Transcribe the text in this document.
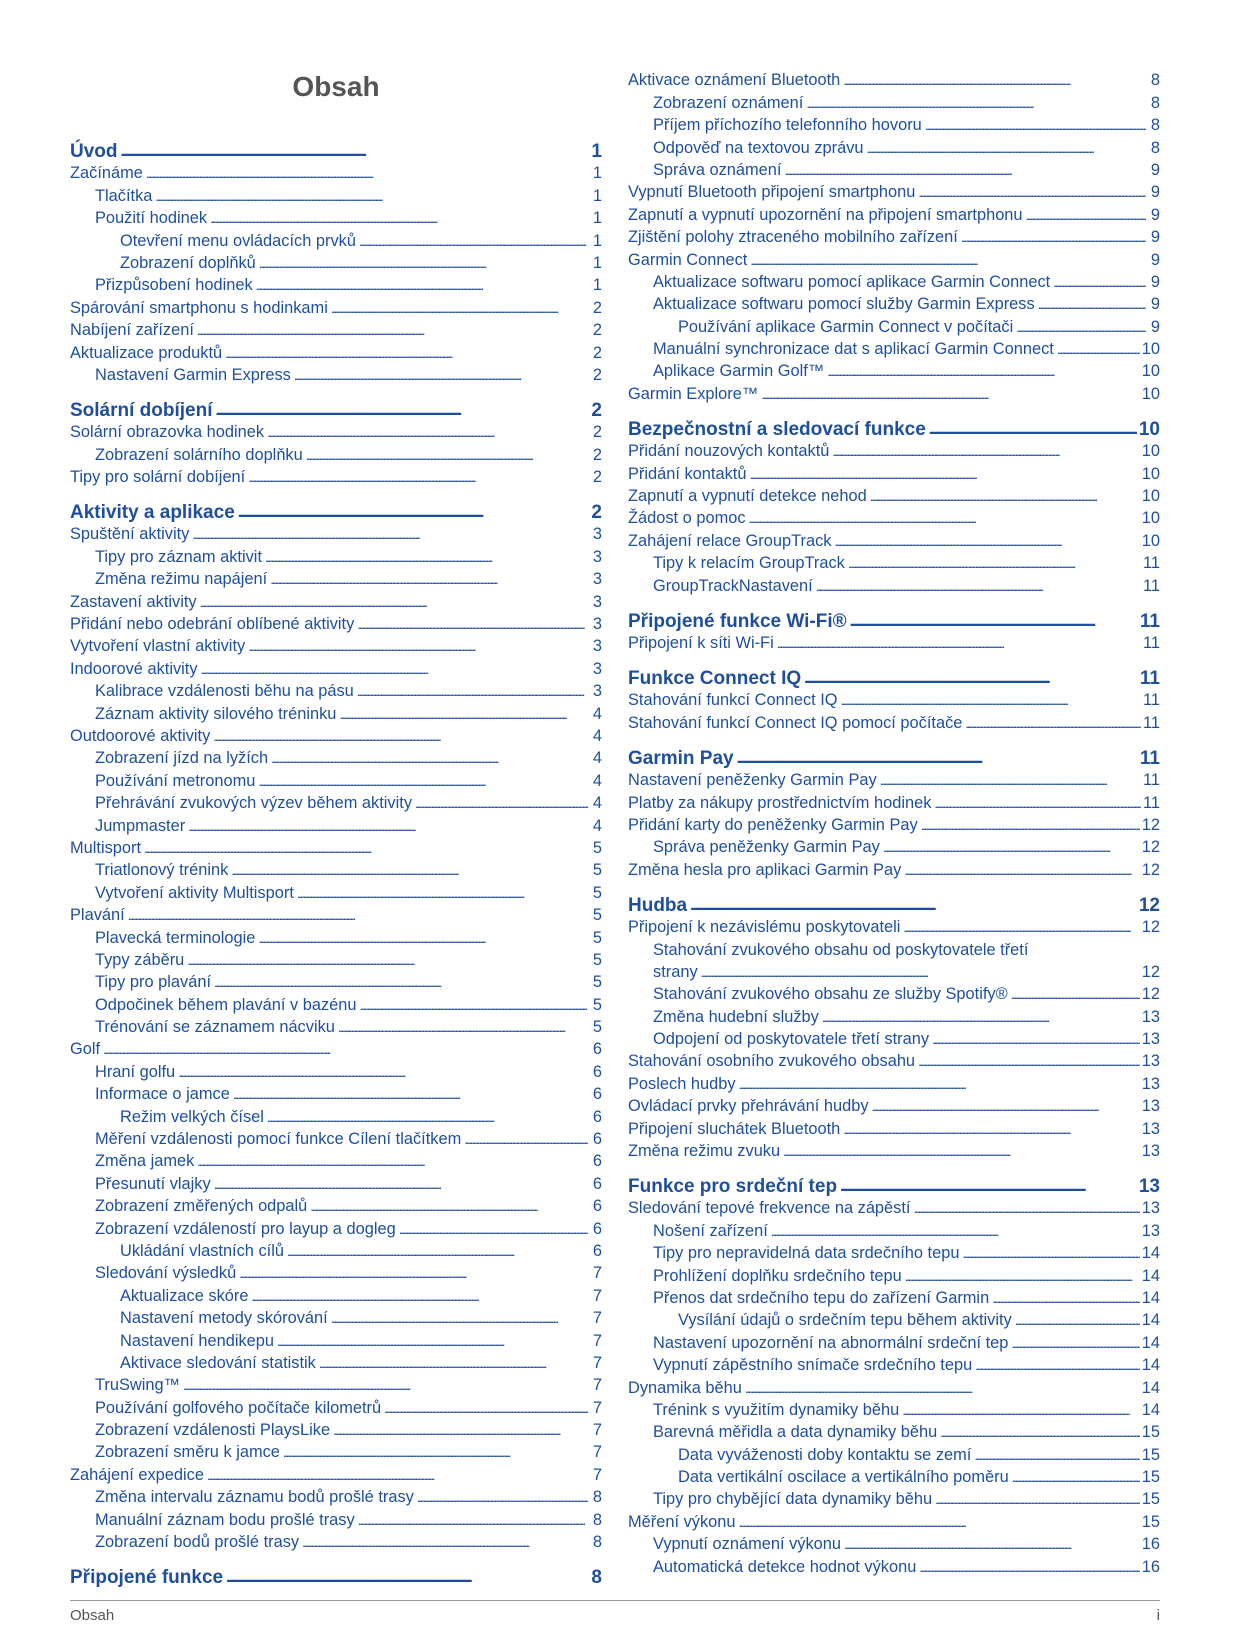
Obsah
Úvod . . .	1
Začínáme . . .	1
Tlačítka . . .	1
Použití hodinek . . .	1
Otevření menu ovládacích prvků . . .	1
Zobrazení doplňků . . .	1
Přizpůsobení hodinek . . .	1
Spárování smartphonu s hodinkami . . .	2
Nabíjení zařízení . . .	2
Aktualizace produktů . . .	2
Nastavení Garmin Express . . .	2
Solární dobíjení . . .	2
Solární obrazovka hodinek . . .	2
Zobrazení solárního doplňku . . .	2
Tipy pro solární dobíjení . . .	2
Aktivity a aplikace . . .	2
Spuštění aktivity . . .	3
Tipy pro záznam aktivit . . .	3
Změna režimu napájení . . .	3
Zastavení aktivity . . .	3
Přidání nebo odebrání oblíbené aktivity . . .	3
Vytvoření vlastní aktivity . . .	3
Indoorové aktivity . . .	3
Kalibrace vzdálenosti běhu na pásu . . .	3
Záznam aktivity silového tréninku . . .	4
Outdoorové aktivity . . .	4
Zobrazení jízd na lyžích . . .	4
Používání metronomu . . .	4
Přehrávání zvukových výzev během aktivity . . .	4
Jumpmaster . . .	4
Multisport . . .	5
Triatlonový trénink . . .	5
Vytvoření aktivity Multisport . . .	5
Plavání . . .	5
Plavecká terminologie . . .	5
Typy záběru . . .	5
Tipy pro plavání . . .	5
Odpočinek během plavání v bazénu . . .	5
Trénování se záznamem nácviku . . .	5
Golf . . .	6
Hraní golfu . . .	6
Informace o jamce . . .	6
Režim velkých čísel . . .	6
Měření vzdálenosti pomocí funkce Cílení tlačítkem . . .	6
Změna jamek . . .	6
Přesunutí vlajky . . .	6
Zobrazení změřených odpalů . . .	6
Zobrazení vzdáleností pro layup a dogleg . . .	6
Ukládání vlastních cílů . . .	6
Sledování výsledků . . .	7
Aktualizace skóre . . .	7
Nastavení metody skórování . . .	7
Nastavení hendikepu . . .	7
Aktivace sledování statistik . . .	7
TruSwing™ . . .	7
Používání golfového počítače kilometrů . . .	7
Zobrazení vzdálenosti PlaysLike . . .	7
Zobrazení směru k jamce . . .	7
Zahájení expedice . . .	7
Změna intervalu záznamu bodů prošlé trasy . . .	8
Manuální záznam bodu prošlé trasy . . .	8
Zobrazení bodů prošlé trasy . . .	8
Připojené funkce . . .	8
Aktivace oznámení Bluetooth . . .	8
Zobrazení oznámení . . .	8
Příjem příchozího telefonního hovoru . . .	8
Odpověď na textovou zprávu . . .	8
Správa oznámení . . .	9
Vypnutí Bluetooth připojení smartphonu . . .	9
Zapnutí a vypnutí upozornění na připojení smartphonu . . .	9
Zjištění polohy ztraceného mobilního zařízení . . .	9
Garmin Connect . . .	9
Aktualizace softwaru pomocí aplikace Garmin Connect . . .	9
Aktualizace softwaru pomocí služby Garmin Express . . .	9
Používání aplikace Garmin Connect v počítači . . .	9
Manuální synchronizace dat s aplikací Garmin Connect . . .	10
Aplikace Garmin Golf™ . . .	10
Garmin Explore™ . . .	10
Bezpečnostní a sledovací funkce . . .	10
Přidání nouzových kontaktů . . .	10
Přidání kontaktů . . .	10
Zapnutí a vypnutí detekce nehod . . .	10
Žádost o pomoc . . .	10
Zahájení relace GroupTrack . . .	10
Tipy k relacím GroupTrack . . .	11
GroupTrackNastavení . . .	11
Připojené funkce Wi‑Fi® . . .	11
Připojení k síti Wi‑Fi . . .	11
Funkce Connect IQ . . .	11
Stahování funkcí Connect IQ . . .	11
Stahování funkcí Connect IQ pomocí počítače . . .	11
Garmin Pay . . .	11
Nastavení peněženky Garmin Pay . . .	11
Platby za nákupy prostřednictvím hodinek . . .	11
Přidání karty do peněženky Garmin Pay . . .	12
Správa peněženky Garmin Pay . . .	12
Změna hesla pro aplikaci Garmin Pay . . .	12
Hudba . . .	12
Připojení k nezávislému poskytovateli . . .	12
Stahování zvukového obsahu od poskytovatele třetí
strany . . .	12
Stahování zvukového obsahu ze služby Spotify® . . .	12
Změna hudební služby . . .	13
Odpojení od poskytovatele třetí strany . . .	13
Stahování osobního zvukového obsahu . . .	13
Poslech hudby . . .	13
Ovládací prvky přehrávání hudby . . .	13
Připojení sluchátek Bluetooth . . .	13
Změna režimu zvuku . . .	13
Funkce pro srdeční tep . . .	13
Sledování tepové frekvence na zápěstí . . .	13
Nošení zařízení . . .	13
Tipy pro nepravidelná data srdečního tepu . . .	14
Prohlížení doplňku srdečního tepu . . .	14
Přenos dat srdečního tepu do zařízení Garmin . . .	14
Vysílání údajů o srdečním tepu během aktivity . . .	14
Nastavení upozornění na abnormální srdeční tep . . .	14
Vypnutí zápěstního snímače srdečního tepu . . .	14
Dynamika běhu . . .	14
Trénink s využitím dynamiky běhu . . .	14
Barevná měřidla a data dynamiky běhu . . .	15
Data vyváženosti doby kontaktu se zemí . . .	15
Data vertikální oscilace a vertikálního poměru . . .	15
Tipy pro chybějící data dynamiky běhu . . .	15
Měření výkonu . . .	15
Vypnutí oznámení výkonu . . .	16
Automatická detekce hodnot výkonu . . .	16
Obsah	i
